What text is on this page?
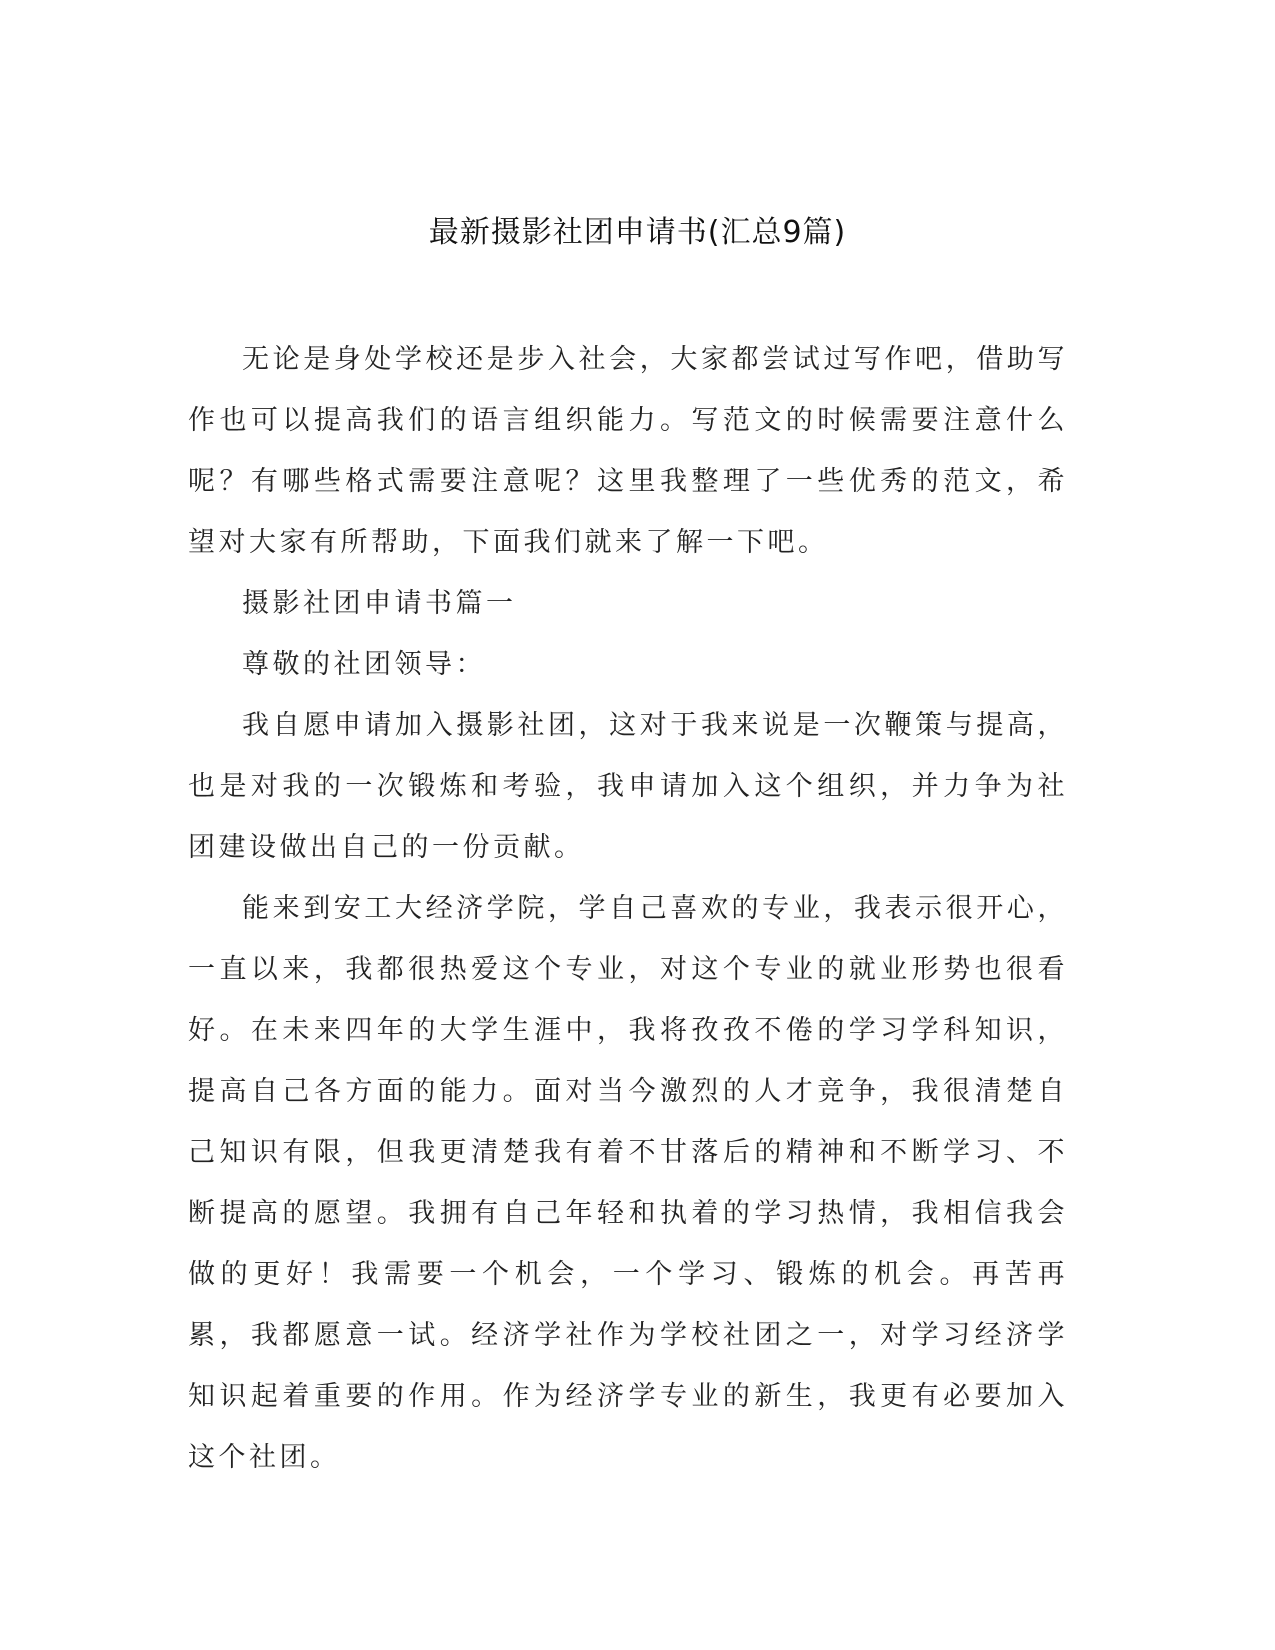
最新摄影社团申请书(汇总9篇)

无论是身处学校还是步入社会，大家都尝试过写作吧，借助写作也可以提高我们的语言组织能力。写范文的时候需要注意什么呢？有哪些格式需要注意呢？这里我整理了一些优秀的范文，希望对大家有所帮助，下面我们就来了解一下吧。

摄影社团申请书篇一

尊敬的社团领导：

我自愿申请加入摄影社团，这对于我来说是一次鞭策与提高，也是对我的一次锻炼和考验，我申请加入这个组织，并力争为社团建设做出自己的一份贡献。

能来到安工大经济学院，学自己喜欢的专业，我表示很开心，一直以来，我都很热爱这个专业，对这个专业的就业形势也很看好。在未来四年的大学生涯中，我将孜孜不倦的学习学科知识，提高自己各方面的能力。面对当今激烈的人才竞争，我很清楚自己知识有限，但我更清楚我有着不甘落后的精神和不断学习、不断提高的愿望。我拥有自己年轻和执着的学习热情，我相信我会做的更好！我需要一个机会，一个学习、锻炼的机会。再苦再累，我都愿意一试。经济学社作为学校社团之一，对学习经济学知识起着重要的作用。作为经济学专业的新生，我更有必要加入这个社团。
